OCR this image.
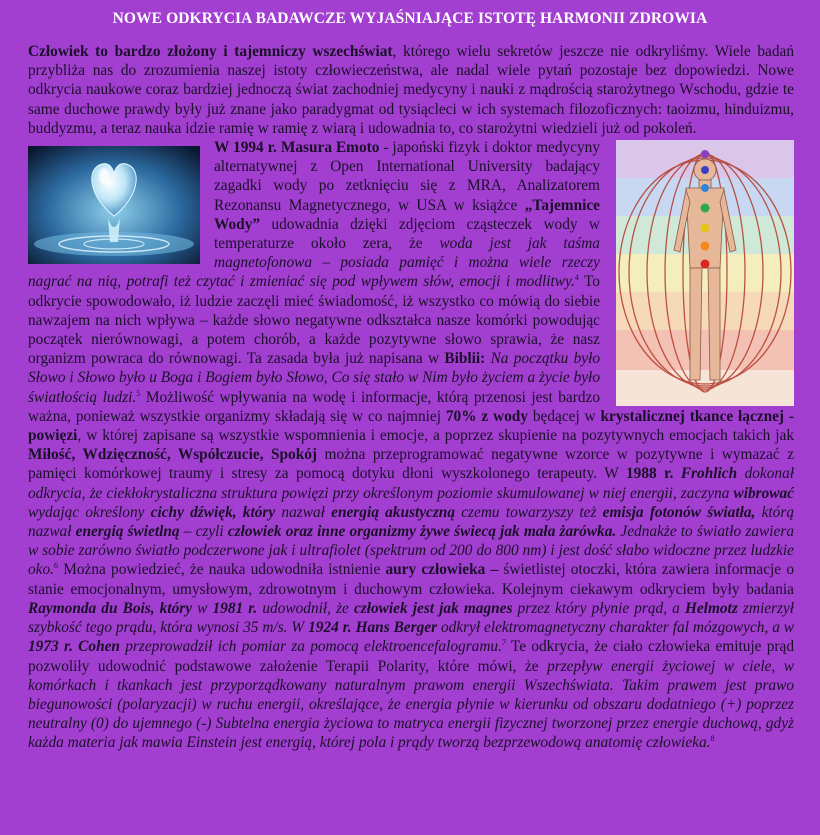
NOWE ODKRYCIA BADAWCZE WYJAŚNIAJĄCE ISTOTĘ HARMONII ZDROWIA

Człowiek to bardzo złożony i tajemniczy wszechświat, którego wielu sekretów jeszcze nie odkryliśmy. Wiele badań przybliża nas do zrozumienia naszej istoty człowieczeństwa, ale nadal wiele pytań pozostaje bez dopowiedzi. Nowe odkrycia naukowe coraz bardziej jednoczą świat zachodniej medycyny i nauki z mądrością starożytnego Wschodu, gdzie te same duchowe prawdy były już znane jako paradygmat od tysiącleci w ich systemach filozoficznych: taoizmu, hinduizmu, buddyzmu, a teraz nauka idzie ramię w ramię z wiarą i udowadnia to, co starożytni wiedzieli już od pokoleń.

W 1994 r. Masura Emoto - japoński fizyk i doktor medycyny alternatywnej z Open International University badający zagadki wody po zetknięciu się z MRA, Analizatorem Rezonansu Magnetycznego, w USA w książce „Tajemnice Wody” udowadnia dzięki zdjęciom cząsteczek wody w temperaturze około zera, że woda jest jak taśma magnetofonowa – posiada pamięć i można wiele rzeczy nagrać na nią, potrafi też czytać i zmieniać się pod wpływem słów, emocji i modlitwy.$^4$ To odkrycie spowodowało, iż ludzie zaczęli mieć świadomość, iż wszystko co mówią do siebie nawzajem na nich wpływa – każde słowo negatywne odkształca nasze komórki powodując początek nierównowagi, a potem chorób, a każde pozytywne słowo sprawia, że nasz organizm powraca do równowagi. Ta zasada była już napisana w Biblii: Na początku było Słowo i Słowo było u Boga i Bogiem było Słowo, Co się stało w Nim było życiem a życie było światłością ludzi.$^5$ Możliwość wpływania na wodę i informacje, którą przenosi jest bardzo ważna, ponieważ wszystkie organizmy składają się w co najmniej 70% z wody będącej w krystalicznej tkance łącznej - powięzi, w której zapisane są wszystkie wspomnienia i emocje, a poprzez skupienie na pozytywnych emocjach takich jak Miłość, Wdzięczność, Współczucie, Spokój można przeprogramować negatywne wzorce w pozytywne i wymazać z pamięci komórkowej traumy i stresy za pomocą dotyku dłoni wyszkolonego terapeuty. W 1988 r. Frohlich dokonał odkrycia, że ciekłokrystaliczna struktura powięzi przy określonym poziomie skumulowanej w niej energii, zaczyna wibrować wydając określony cichy dźwięk, który nazwał energią akustyczną czemu towarzyszy też emisja fotonów światła, którą nazwał energią świetlną – czyli człowiek oraz inne organizmy żywe świecą jak mała żarówka. Jednakże to światło zawiera w sobie zarówno światło podczerwone jak i ultrafiolet (spektrum od 200 do 800 nm) i jest dość słabo widoczne przez ludzkie oko.$^6$ Można powiedzieć, że nauka udowodniła istnienie aury człowieka – świetlistej otoczki, która zawiera informacje o stanie emocjonalnym, umysłowym, zdrowotnym i duchowym człowieka. Kolejnym ciekawym odkryciem były badania Raymonda du Bois, który w 1981 r. udowodnił, że człowiek jest jak magnes przez który płynie prąd, a Helmotz zmierzył szybkość tego prądu, która wynosi 35 m/s. W 1924 r. Hans Berger odkrył elektromagnetyczny charakter fal mózgowych, a w 1973 r. Cohen przeprowadził ich pomiar za pomocą elektroencefalogramu.$^7$ Te odkrycia, że ciało człowieka emituje prąd pozwoliły udowodnić podstawowe założenie Terapii Polarity, które mówi, że przepływ energii życiowej w ciele, w komórkach i tkankach jest przyporządkowany naturalnym prawom energii Wszechświata. Takim prawem jest prawo biegunowości (polaryzacji) w ruchu energii, określające, że energia płynie w kierunku od obszaru dodatniego (+) poprzez neutralny (0) do ujemnego (-) Subtelna energia życiowa to matryca energii fizycznej tworzonej przez energie duchową, gdyż każda materia jak mawia Einstein jest energią, której pola i prądy tworzą bezprzewodową anatomię człowieka.$^8$
